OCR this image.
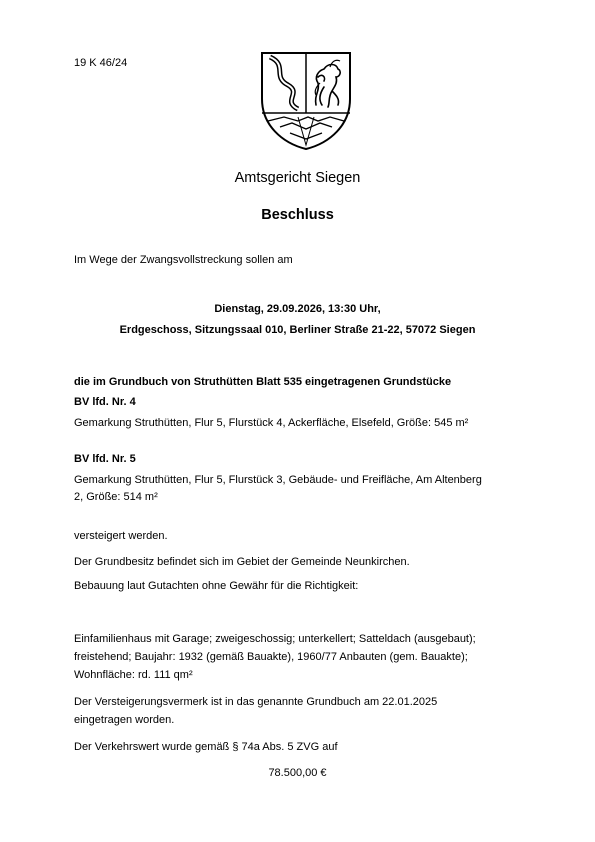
19 K 46/24

Amtsgericht Siegen

Beschluss

Im Wege der Zwangsvollstreckung sollen am

Dienstag, 29.09.2026, 13:30 Uhr,

Erdgeschoss, Sitzungssaal 010, Berliner Straße 21-22, 57072 Siegen

die im Grundbuch von Struthütten Blatt 535 eingetragenen Grundstücke

BV lfd. Nr. 4

Gemarkung Struthütten, Flur 5, Flurstück 4, Ackerfläche, Elsefeld, Größe: 545 m²

BV lfd. Nr. 5

Gemarkung Struthütten, Flur 5, Flurstück 3, Gebäude- und Freifläche, Am Altenberg

2, Größe: 514 m²

versteigert werden.

Der Grundbesitz befindet sich im Gebiet der Gemeinde Neunkirchen.

Bebauung laut Gutachten ohne Gewähr für die Richtigkeit:

Einfamilienhaus mit Garage; zweigeschossig; unterkellert; Satteldach (ausgebaut);

freistehend; Baujahr: 1932 (gemäß Bauakte), 1960/77 Anbauten (gem. Bauakte);

Wohnfläche: rd. 111 qm²

Der Versteigerungsvermerk ist in das genannte Grundbuch am 22.01.2025

eingetragen worden.

Der Verkehrswert wurde gemäß § 74a Abs. 5 ZVG auf

78.500,00 €
